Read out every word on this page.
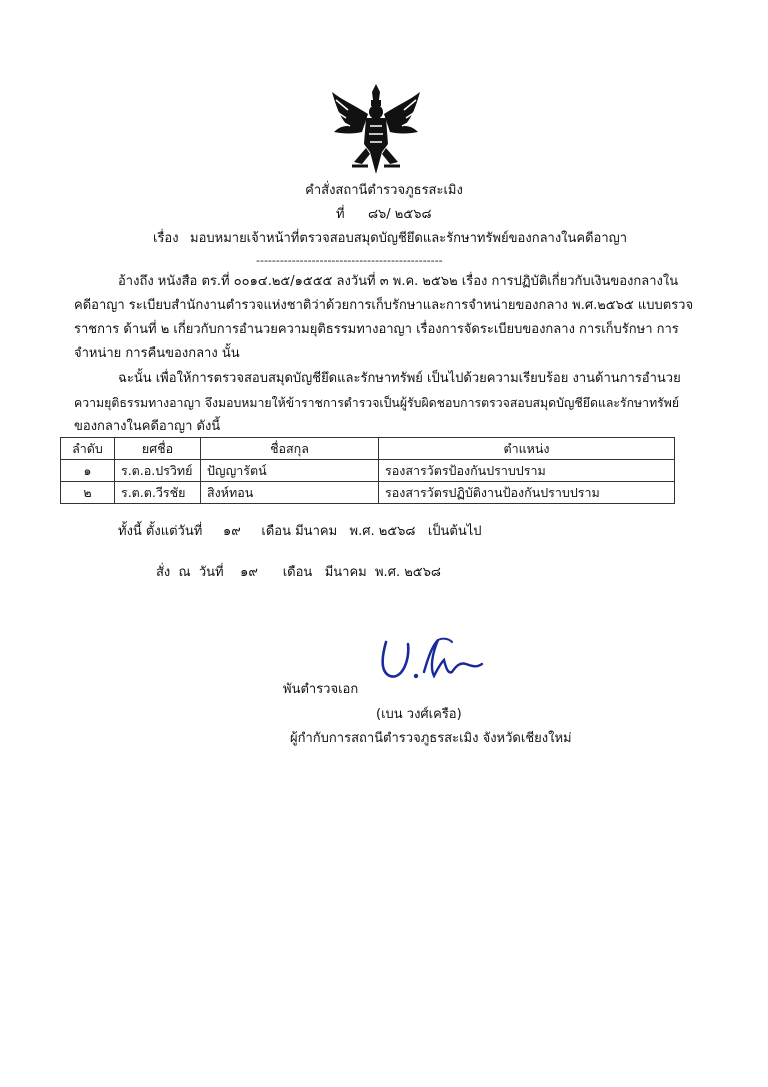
คำสั่งสถานีตำรวจภูธรสะเมิง
ที่ ๘๖/ ๒๕๖๘
เรื่อง มอบหมายเจ้าหน้าที่ตรวจสอบสมุดบัญชียึดและรักษาทรัพย์ของกลางในคดีอาญา
-----------------------------------------------
อ้างถึง หนังสือ ตร.ที่ ๐๐๑๔.๒๕/๑๕๕๕ ลงวันที่ ๓ พ.ค. ๒๕๖๒ เรื่อง การปฏิบัติเกี่ยวกับเงินของกลางใน
คดีอาญา ระเบียบสำนักงานตำรวจแห่งชาติว่าด้วยการเก็บรักษาและการจำหน่ายของกลาง พ.ศ.๒๕๖๕ แบบตรวจ
ราชการ ด้านที่ ๒ เกี่ยวกับการอำนวยความยุติธรรมทางอาญา เรื่องการจัดระเบียบของกลาง การเก็บรักษา การ
จำหน่าย การคืนของกลาง นั้น
ฉะนั้น เพื่อให้การตรวจสอบสมุดบัญชียึดและรักษาทรัพย์ เป็นไปด้วยความเรียบร้อย งานด้านการอำนวย
ความยุติธรรมทางอาญา จึงมอบหมายให้ข้าราชการตำรวจเป็นผู้รับผิดชอบการตรวจสอบสมุดบัญชียึดและรักษาทรัพย์
ของกลางในคดีอาญา ดังนี้
ลำดับ	ยศชื่อ	ชื่อสกุล	ตำแหน่ง
๑	ร.ต.อ.ปรวิทย์	ปัญญารัตน์	รองสารวัตรป้องกันปราบปราม
๒	ร.ต.ต.วีรชัย	สิงห์ทอน	รองสารวัตรปฏิบัติงานป้องกันปราบปราม
ทั้งนี้ ตั้งแต่วันที่     ๑๙     เดือน มีนาคม   พ.ศ. ๒๕๖๘   เป็นต้นไป
สั่ง  ณ  วันที่    ๑๙      เดือน   มีนาคม  พ.ศ. ๒๕๖๘
พันตำรวจเอก
(เบน วงศ์เครือ)
ผู้กำกับการสถานีตำรวจภูธรสะเมิง จังหวัดเชียงใหม่
